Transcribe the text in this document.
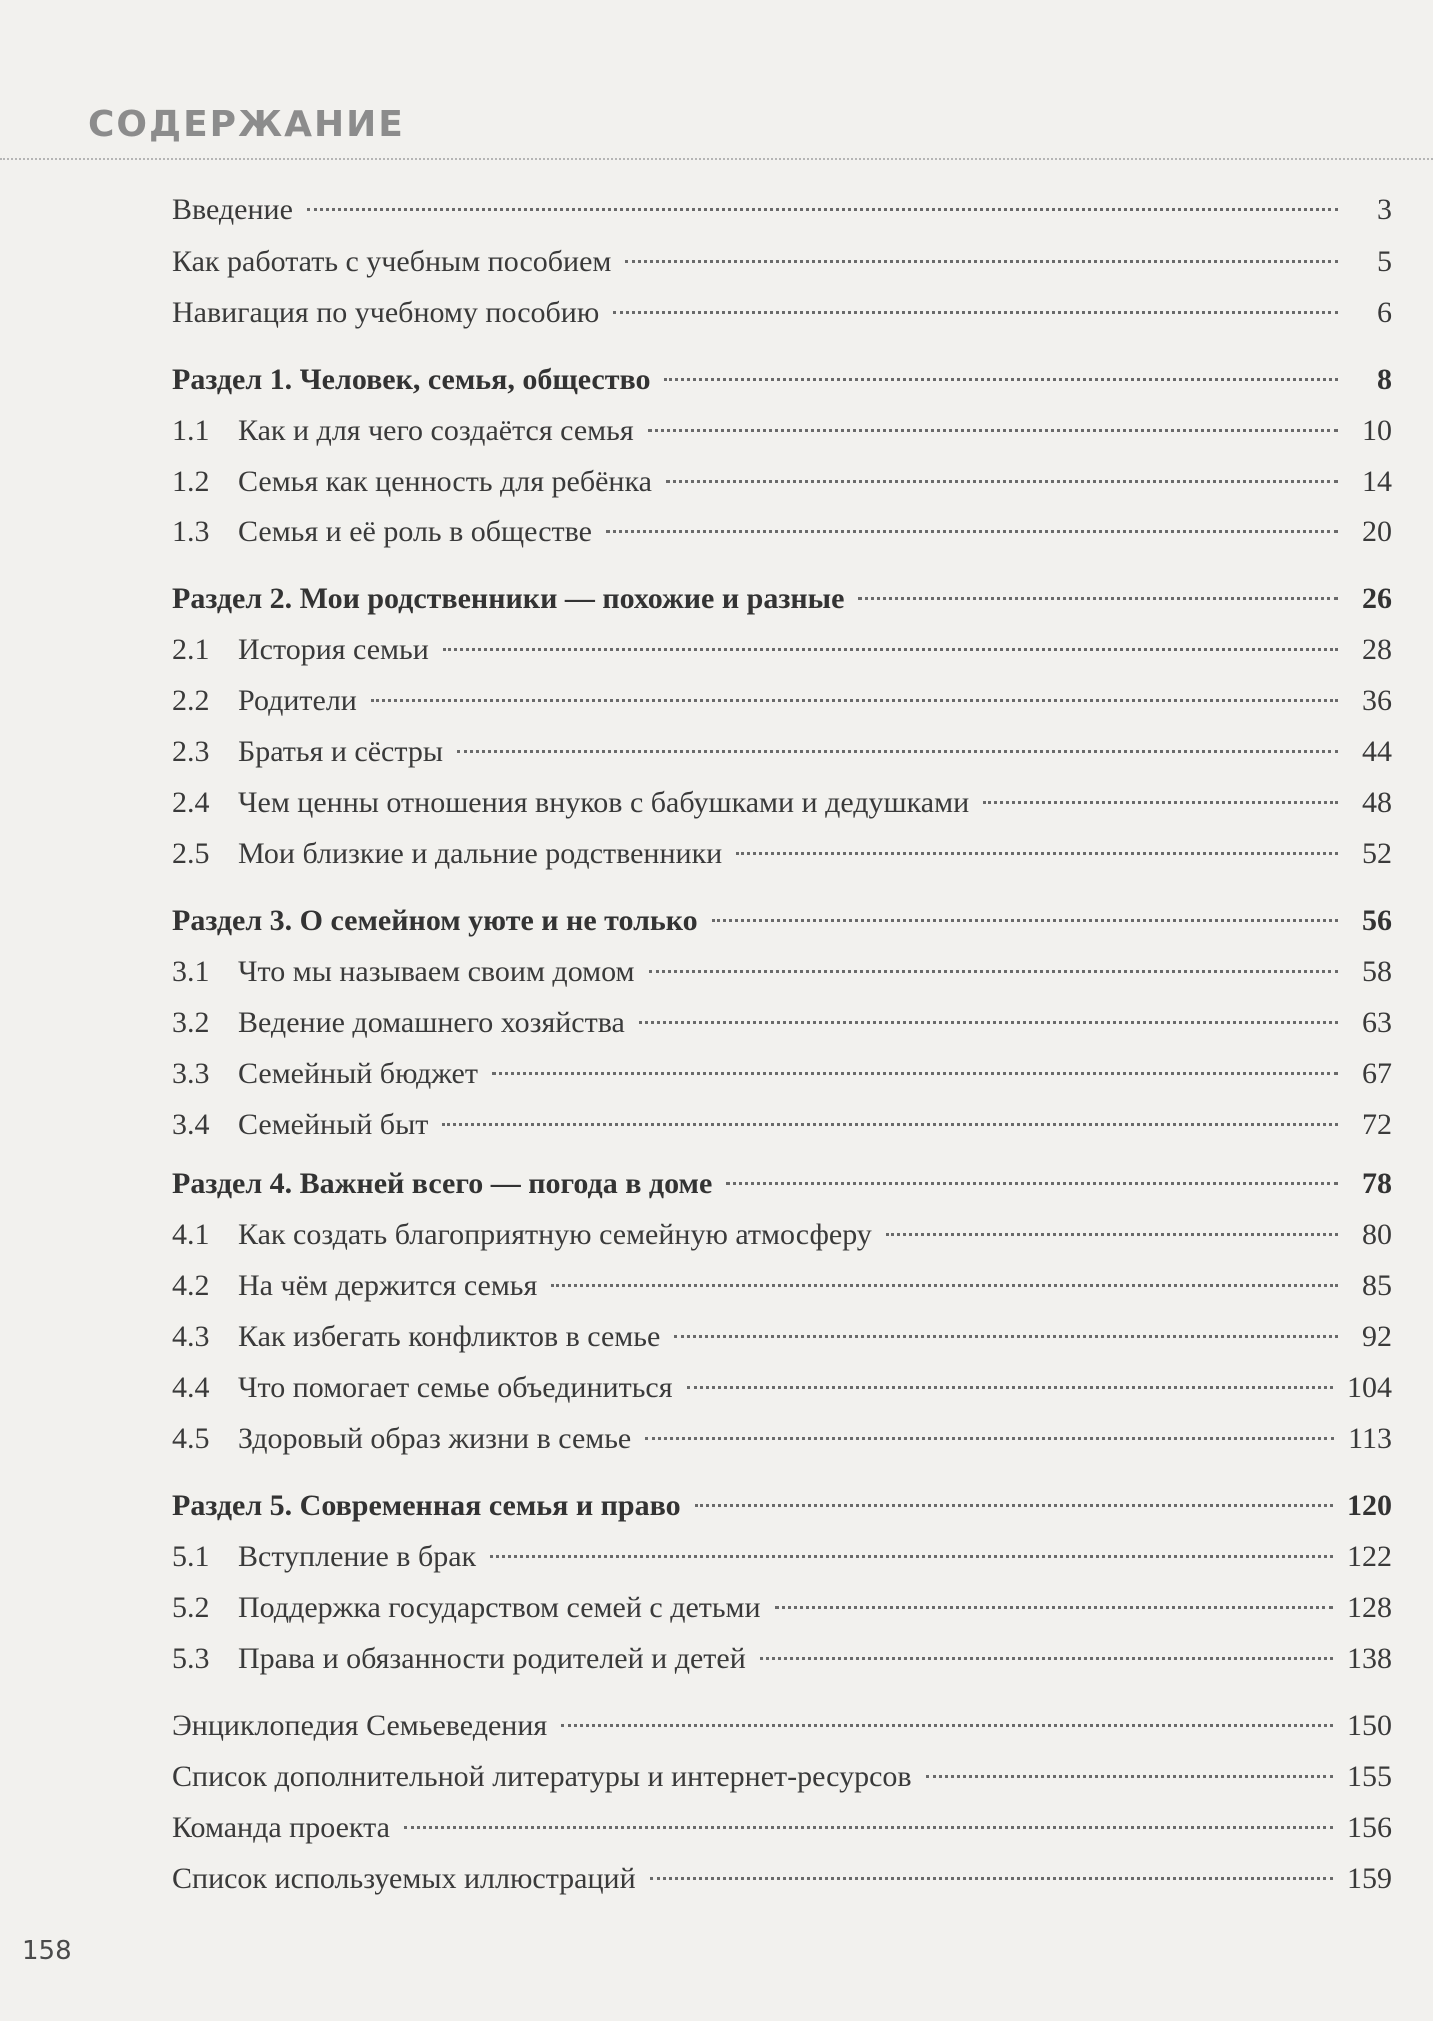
СОДЕРЖАНИЕ
Введение	3
Как работать с учебным пособием	5
Навигация по учебному пособию	6
Раздел 1. Человек, семья, общество	8
1.1 Как и для чего создаётся семья	10
1.2 Семья как ценность для ребёнка	14
1.3 Семья и её роль в обществе	20
Раздел 2. Мои родственники — похожие и разные	26
2.1 История семьи	28
2.2 Родители	36
2.3 Братья и сёстры	44
2.4 Чем ценны отношения внуков с бабушками и дедушками	48
2.5 Мои близкие и дальние родственники	52
Раздел 3. О семейном уюте и не только	56
3.1 Что мы называем своим домом	58
3.2 Ведение домашнего хозяйства	63
3.3 Семейный бюджет	67
3.4 Семейный быт	72
Раздел 4. Важней всего — погода в доме	78
4.1 Как создать благоприятную семейную атмосферу	80
4.2 На чём держится семья	85
4.3 Как избегать конфликтов в семье	92
4.4 Что помогает семье объединиться	104
4.5 Здоровый образ жизни в семье	113
Раздел 5. Современная семья и право	120
5.1 Вступление в брак	122
5.2 Поддержка государством семей с детьми	128
5.3 Права и обязанности родителей и детей	138
Энциклопедия Семьеведения	150
Список дополнительной литературы и интернет-ресурсов	155
Команда проекта	156
Список используемых иллюстраций	159
158
